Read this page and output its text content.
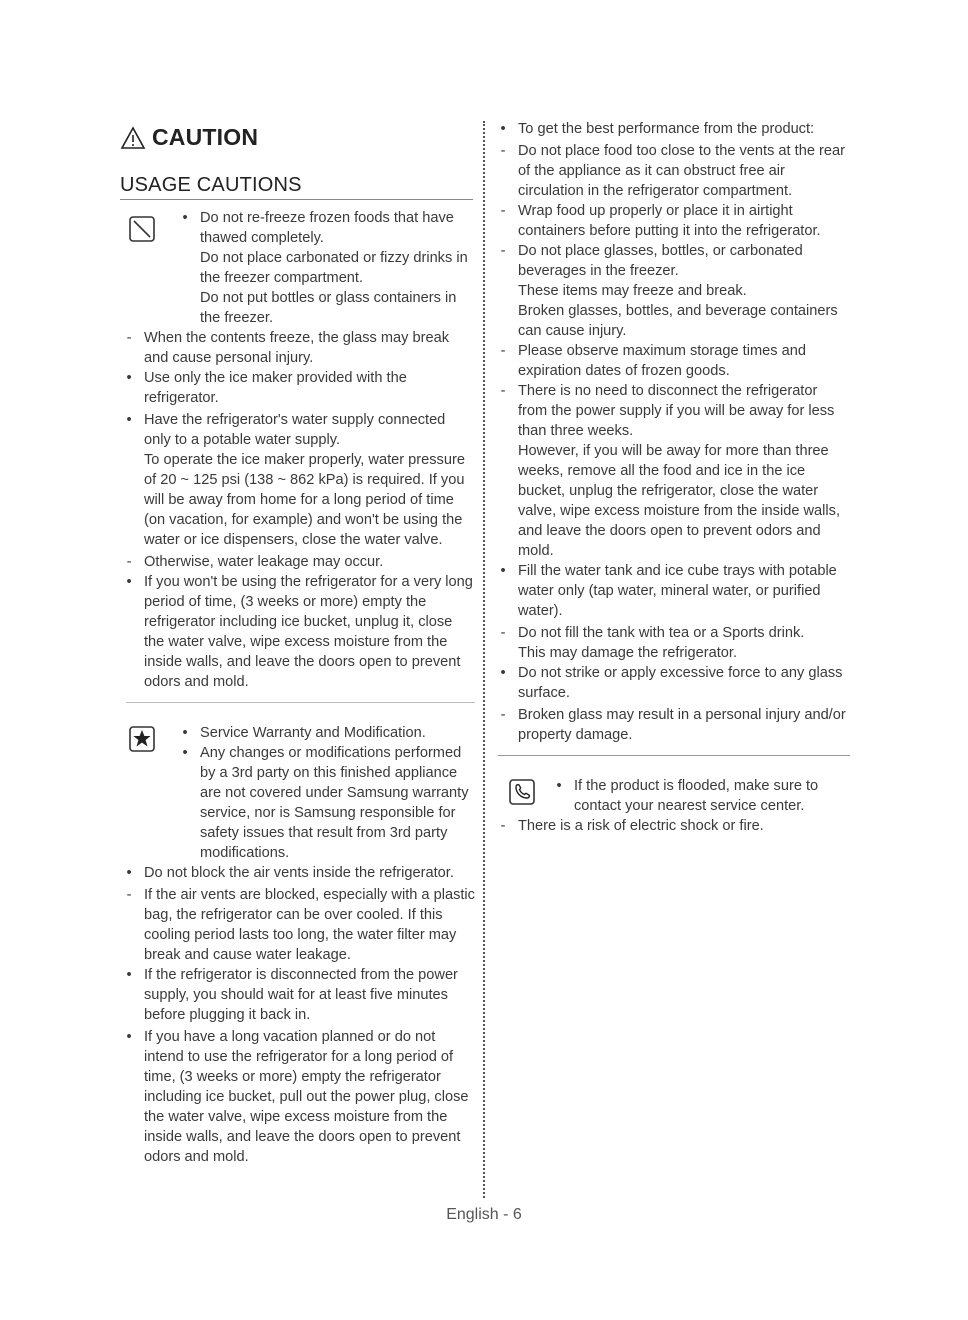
CAUTION
USAGE CAUTIONS
• Do not re-freeze frozen foods that have thawed completely.

Do not place carbonated or fizzy drinks in the freezer compartment.

Do not put bottles or glass containers in the freezer.

- When the contents freeze, the glass may break and cause personal injury.

• Use only the ice maker provided with the refrigerator.

• Have the refrigerator's water supply connected only to a potable water supply.

To operate the ice maker properly, water pressure of 20 ~ 125 psi (138 ~ 862 kPa) is required. If you will be away from home for a long period of time (on vacation, for example) and won't be using the water or ice dispensers, close the water valve.

- Otherwise, water leakage may occur.

• If you won't be using the refrigerator for a very long period of time, (3 weeks or more) empty the refrigerator including ice bucket, unplug it, close the water valve, wipe excess moisture from the inside walls, and leave the doors open to prevent odors and mold.

• Service Warranty and Modification.

• Any changes or modifications performed by a 3rd party on this finished appliance are not covered under Samsung warranty service, nor is Samsung responsible for safety issues that result from 3rd party modifications.

• Do not block the air vents inside the refrigerator.

- If the air vents are blocked, especially with a plastic bag, the refrigerator can be over cooled. If this cooling period lasts too long, the water filter may break and cause water leakage.

• If the refrigerator is disconnected from the power supply, you should wait for at least five minutes before plugging it back in.

• If you have a long vacation planned or do not intend to use the refrigerator for a long period of time, (3 weeks or more) empty the refrigerator including ice bucket, pull out the power plug, close the water valve, wipe excess moisture from the inside walls, and leave the doors open to prevent odors and mold.

• To get the best performance from the product:

- Do not place food too close to the vents at the rear of the appliance as it can obstruct free air circulation in the refrigerator compartment.

- Wrap food up properly or place it in airtight containers before putting it into the refrigerator.

- Do not place glasses, bottles, or carbonated beverages in the freezer.

These items may freeze and break.

Broken glasses, bottles, and beverage containers can cause injury.

- Please observe maximum storage times and expiration dates of frozen goods.

- There is no need to disconnect the refrigerator from the power supply if you will be away for less than three weeks.

However, if you will be away for more than three weeks, remove all the food and ice in the ice bucket, unplug the refrigerator, close the water valve, wipe excess moisture from the inside walls, and leave the doors open to prevent odors and mold.

• Fill the water tank and ice cube trays with potable water only (tap water, mineral water, or purified water).

- Do not fill the tank with tea or a Sports drink.

This may damage the refrigerator.

• Do not strike or apply excessive force to any glass surface.

- Broken glass may result in a personal injury and/or property damage.

• If the product is flooded, make sure to contact your nearest service center.

- There is a risk of electric shock or fire.

English - 6
